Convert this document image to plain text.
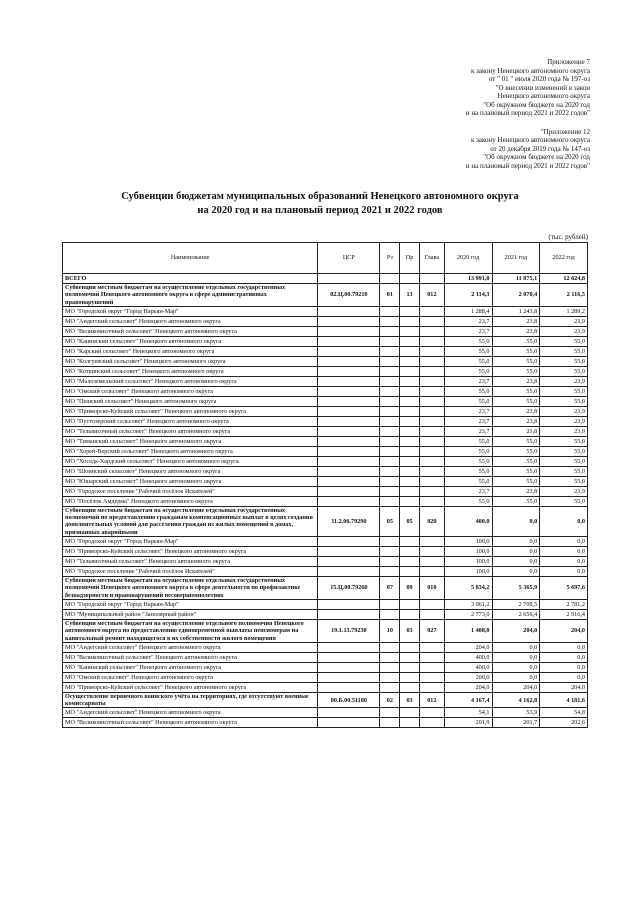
Приложение 7
к закону Ненецкого автономного округа
от " 01 " июля 2020 года № 197-оз
"О внесении изменений в закон
Ненецкого автономного округа
"Об окружном бюджете на 2020 год
и на плановый период 2021 и 2022 годов"
"Приложение 12
к закону Ненецкого автономного округа
от 20 декабря 2019 года № 147-оз
"Об окружном бюджете на 2020 год
и на плановый период 2021 и 2022 годов"
Субвенции бюджетам муниципальных образований Ненецкого автономного округа
на 2020 год и на плановый период 2021 и 2022 годов
(тыс. рублей)
Наименование	ЦСР	Рз	Пр	Глава	2020 год	2021 год	2022 год
ВСЕГО					13 991,0	11 875,1	12 624,8
Субвенции местным бюджетам на осуществление отдельных государственных полномочий Ненецкого автономного округа в сфере административных правонарушений	02.Ц.00.79210	01	13	012	2 114,3	2 070,4	2 116,5
МО "Городской округ "Город Нарьян-Мар"					1 288,4	1 243,8	1 289,2
МО "Андегский сельсовет" Ненецкого автономного округа					23,7	23,8	23,9
МО "Великовисочный сельсовет" Ненецкого автономного округа					23,7	23,8	23,9
МО "Канинский сельсовет" Ненецкого автономного округа					55,0	55,0	55,0
МО "Карский сельсовет" Ненецкого автономного округа					55,0	55,0	55,0
МО "Колгуевский сельсовет" Ненецкого автономного округа					55,0	55,0	55,0
МО "Коткинский сельсовет" Ненецкого автономного округа					55,0	55,0	55,0
МО "Малоземельский сельсовет" Ненецкого автономного округа					23,7	23,8	23,9
МО "Омский сельсовет" Ненецкого автономного округа					55,0	55,0	55,0
МО "Пешский сельсовет" Ненецкого автономного округа					55,0	55,0	55,0
МО "Приморско-Куйский сельсовет" Ненецкого автономного округа					23,7	23,8	23,9
МО "Пустозерский сельсовет" Ненецкого автономного округа					23,7	23,8	23,9
МО "Тельвисочный сельсовет" Ненецкого автономного округа					23,7	23,8	23,9
МО "Тиманский сельсовет" Ненецкого автономного округа					55,0	55,0	55,0
МО "Хорей-Верский сельсовет" Ненецкого автономного округа					55,0	55,0	55,0
МО "Хоседа-Хардский сельсовет" Ненецкого автономного округа					55,0	55,0	55,0
МО "Шоинский сельсовет" Ненецкого автономного округа					55,0	55,0	55,0
МО "Юшарский сельсовет" Ненецкого автономного округа					55,0	55,0	55,0
МО "Городское поселение "Рабочий посёлок Искателей"					23,7	23,8	23,9
МО "Посёлок Амдерма" Ненецкого автономного округа					55,0	55,0	55,0
Субвенции местным бюджетам на осуществление отдельных государственных полномочий по предоставлению гражданам компенсационных выплат в целях создания дополнительных условий для расселения граждан из жилых помещений в домах, признанных аварийными	11.2.06.79290	05	05	020	400,0	0,0	0,0
МО "Городской округ "Город Нарьян-Мар"					100,0	0,0	0,0
МО "Приморско-Куйский сельсовет" Ненецкого автономного округа					100,0	0,0	0,0
МО "Тельвисочный сельсовет" Ненецкого автономного округа					100,0	0,0	0,0
МО "Городское поселение "Рабочий посёлок Искателей"					100,0	0,0	0,0
Субвенции местным бюджетам на осуществление отдельных государственных полномочий Ненецкого автономного округа в сфере деятельности по профилактике безнадзорности и правонарушений несовершеннолетних	15.Ц.00.79260	07	09	010	5 834,2	5 365,9	5 697,6
МО "Городской округ "Город Нарьян-Мар"					3 061,2	2 709,5	2 781,2
МО "Муниципальный район "Заполярный район"					2 773,0	2 656,4	2 916,4
Субвенции местным бюджетам на осуществление отдельного полномочия Ненецкого автономного округа по предоставлению единовременной выплаты пенсионерам на капитальный ремонт находящегося в их собственности жилого помещения	19.1.13.79230	10	03	027	1 408,0	204,0	204,0
МО "Андегский сельсовет" Ненецкого автономного округа					204,0	0,0	0,0
МО "Великовисочный сельсовет" Ненецкого автономного округа					400,0	0,0	0,0
МО "Канинский сельсовет" Ненецкого автономного округа					400,0	0,0	0,0
МО "Омский сельсовет" Ненецкого автономного округа					200,0	0,0	0,0
МО "Приморско-Куйский сельсовет" Ненецкого автономного округа					204,0	204,0	204,0
Осуществление первичного воинского учёта на территориях, где отсутствуют военные комиссариаты	80.Б.00.51180	02	03	012	4 167,4	4 162,8	4 181,6
МО "Андегский сельсовет" Ненецкого автономного округа					54,1	53,9	54,8
МО "Великовисочный сельсовет" Ненецкого автономного округа					201,9	201,7	202,6
